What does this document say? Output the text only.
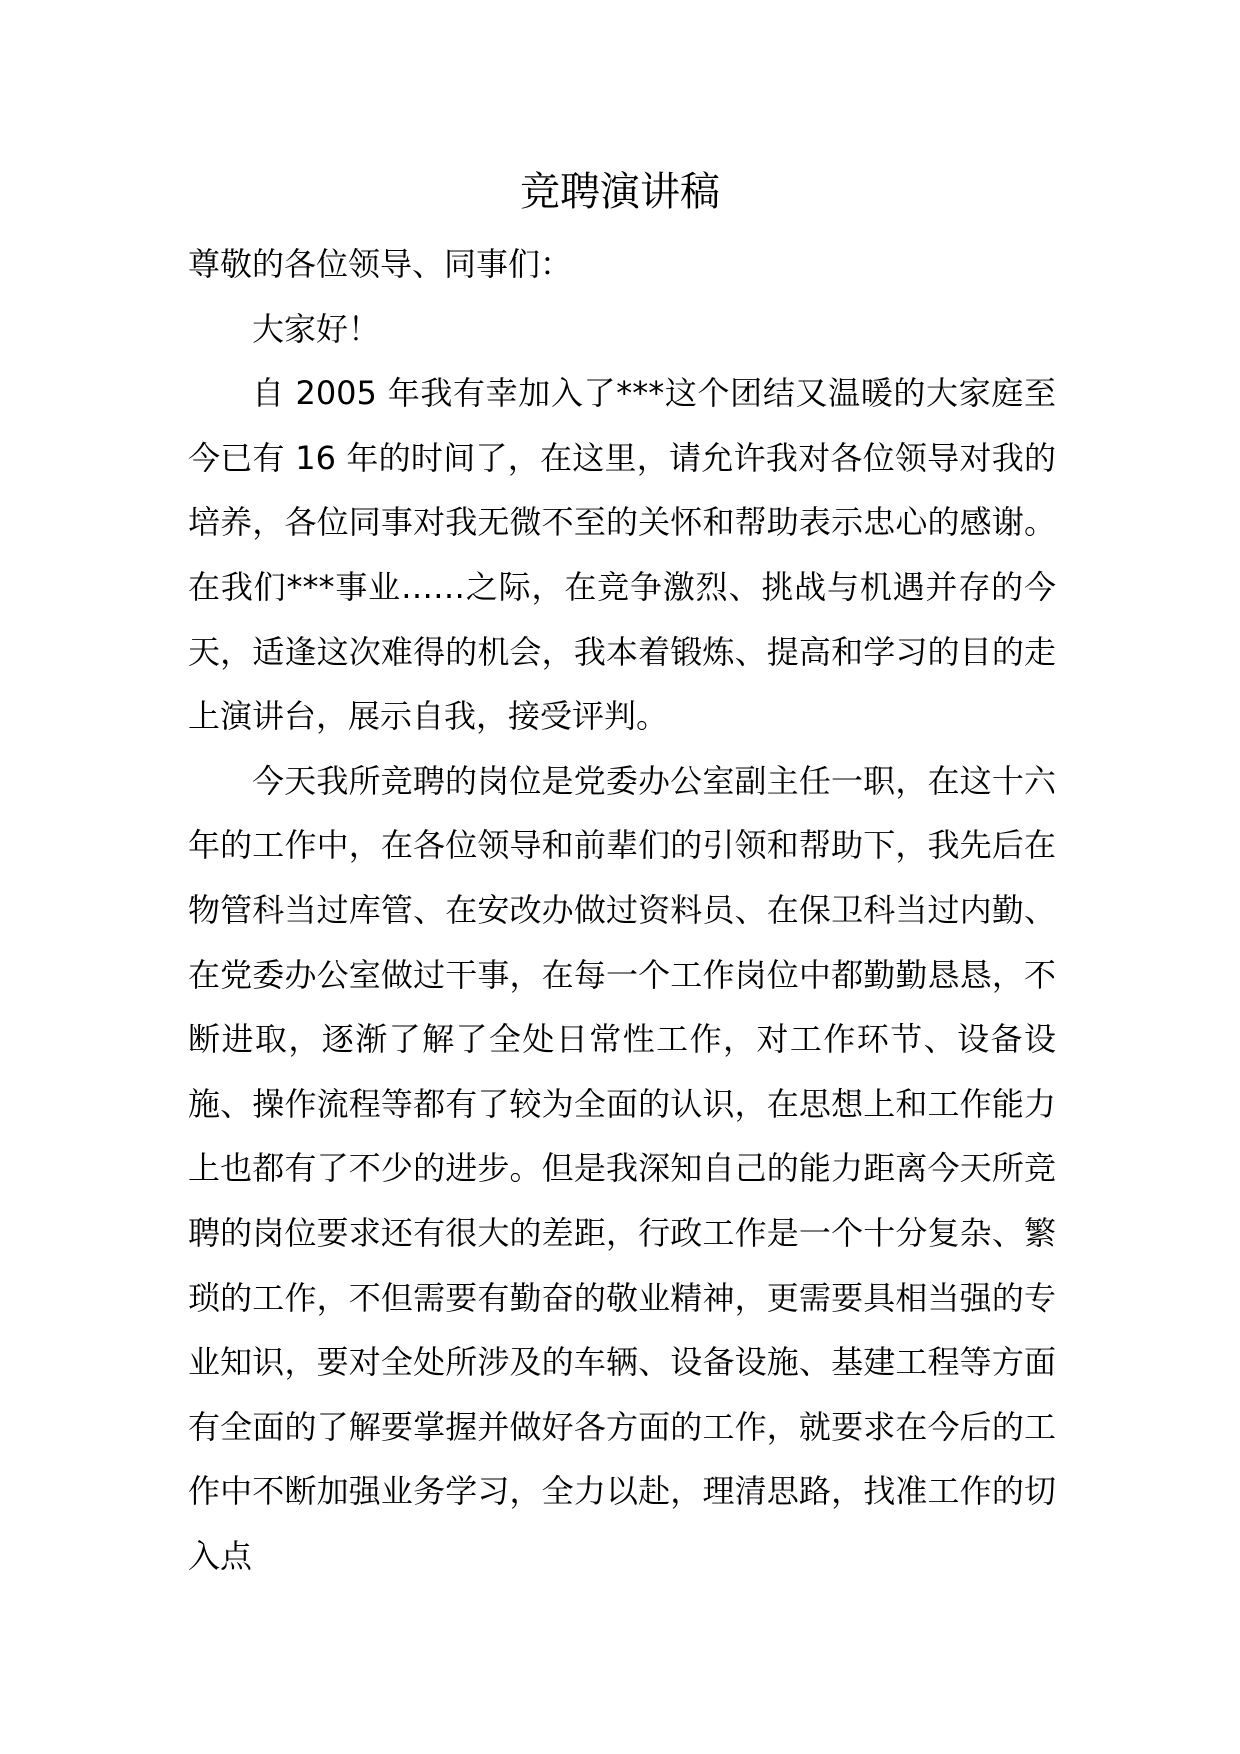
竞聘演讲稿

尊敬的各位领导、同事们：

大家好！

自 2005 年我有幸加入了***这个团结又温暖的大家庭至今已有 16 年的时间了，在这里，请允许我对各位领导对我的培养，各位同事对我无微不至的关怀和帮助表示忠心的感谢。在我们***事业……之际，在竞争激烈、挑战与机遇并存的今天，适逢这次难得的机会，我本着锻炼、提高和学习的目的走上演讲台，展示自我，接受评判。

今天我所竞聘的岗位是党委办公室副主任一职，在这十六年的工作中，在各位领导和前辈们的引领和帮助下，我先后在物管科当过库管、在安改办做过资料员、在保卫科当过内勤、在党委办公室做过干事，在每一个工作岗位中都勤勤恳恳，不断进取，逐渐了解了全处日常性工作，对工作环节、设备设施、操作流程等都有了较为全面的认识，在思想上和工作能力上也都有了不少的进步。但是我深知自己的能力距离今天所竞聘的岗位要求还有很大的差距，行政工作是一个十分复杂、繁琐的工作，不但需要有勤奋的敬业精神，更需要具相当强的专业知识，要对全处所涉及的车辆、设备设施、基建工程等方面有全面的了解要掌握并做好各方面的工作，就要求在今后的工作中不断加强业务学习，全力以赴，理清思路，找准工作的切入点
